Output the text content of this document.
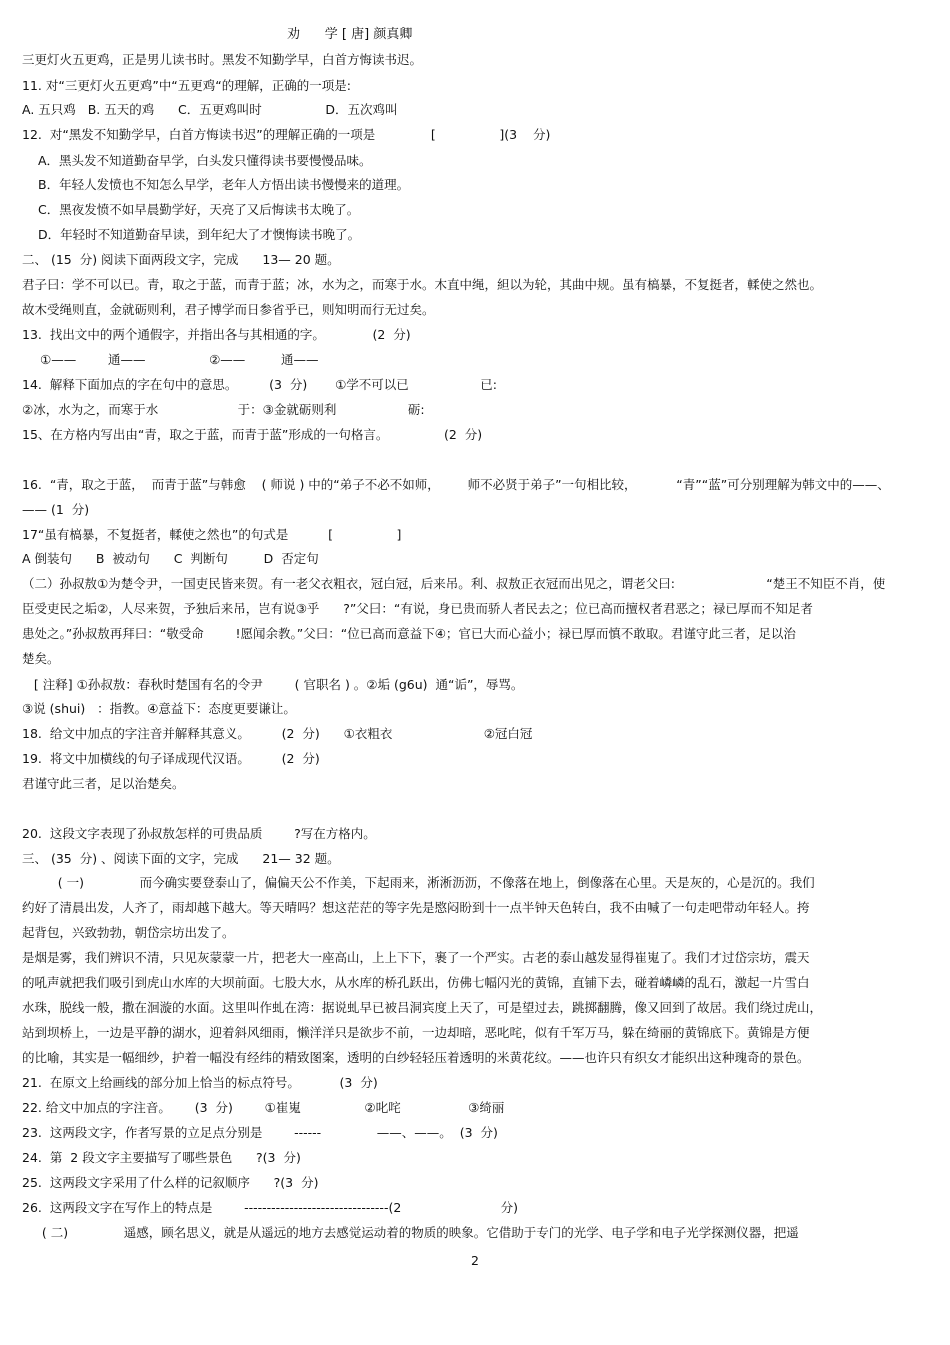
劝      学 [ 唐] 颜真卿
三更灯火五更鸡，正是男儿读书时。黑发不知勤学早，白首方悔读书迟。
11. 对“三更灯火五更鸡”中“五更鸡“的理解，正确的一项是:
A. 五只鸡   B. 五天的鸡      C．五更鸡叫时                D．五次鸡叫
12.  对“黑发不知勤学早，白首方悔读书迟”的理解正确的一项是              [                ](3    分)
A．黑头发不知道勤奋早学，白头发只懂得读书要慢慢品味。
B．年轻人发愤也不知怎么早学，老年人方悟出读书慢慢来的道理。
C．黑夜发愤不如早晨勤学好，天亮了又后悔读书太晚了。
D．年轻时不知道勤奋早读，到年纪大了才懊悔读书晚了。
二、 (15  分) 阅读下面两段文字，完成      13— 20 题。
君子曰：学不可以已。青，取之于蓝，而青于蓝；冰，水为之，而寒于水。木直中绳，䋎以为轮，其曲中规。虽有槁暴，不复挺者，輮使之然也。
故木受绳则直，金就砺则利，君子博学而日参省乎已，则知明而行无过矣。
13.  找出文中的两个通假字，并指出各与其相通的字。            (2  分)
①——        通——                ②——         通——
14.  解释下面加点的字在句中的意思。        (3  分)       ①学不可以已                  已:
②冰，水为之，而寒于水                    于：③金就砺则利                  砺:
15、在方格内写出由“青，取之于蓝，而青于蓝”形成的一句格言。              (2  分)
16.  “青，取之于蓝，  而青于蓝”与韩愈    ( 师说 ) 中的“弟子不必不如师，       师不必贤于弟子”一句相比较，          “青”“蓝”可分别理解为韩文中的——、
—— (1  分)
17“虽有槁暴，不复挺者，輮使之然也”的句式是          [                ]
A 倒装句      B  被动句      C  判断句         D  否定句
（二）孙叔敖①为楚令尹，一国吏民皆来贺。有一老父衣粗衣，冠白冠，后来吊。利、叔敖正衣冠而出见之，谓老父曰:                       “楚王不知臣不肖，使
臣受吏民之垢②，人尽来贺，予独后来吊，岂有说③乎      ?”父曰：“有说，身已贵而骄人者民去之；位已高而擅权者君恶之；禄已厚而不知足者
患处之。”孙叔敖再拜曰：“敬受命        !愿闻余教。”父曰：“位已高而意益下④；官已大而心益小；禄已厚而慎不敢取。君谨守此三者，足以治
楚矣。
[ 注释] ①孙叔敖：春秋时楚国有名的令尹        ( 官职名 ) 。②垢 (g6u)  通“诟”，辱骂。
③说 (shui)   ：指教。④意益下：态度更要谦让。
18.  给文中加点的字注音并解释其意义。        (2  分)      ①衣粗衣                       ②冠白冠
19.  将文中加横线的句子译成现代汉语。        (2  分)
君谨守此三者，足以治楚矣。
20.  这段文字表现了孙叔敖怎样的可贵品质        ?写在方格内。
三、 (35  分) 、阅读下面的文字，完成      21— 32 题。
( 一)              而今确实要登泰山了，偏偏天公不作美，下起雨来，淅淅沥沥，不像落在地上，倒像落在心里。天是灰的，心是沉的。我们
约好了清晨出发，人齐了，雨却越下越大。等天晴吗？想这茫茫的等字先是愍闷盼到十一点半钟天色转白，我不由喊了一句走吧带动年轻人。挎
起背包，兴致勃勃，朝岱宗坊出发了。
是烟是雾，我们辨识不清，只见灰蒙蒙一片，把老大一座高山，上上下下，裹了一个严实。古老的泰山越发显得崔嵬了。我们才过岱宗坊，震天
的吼声就把我们吸引到虎山水库的大坝前面。七股大水，从水库的桥孔跃出，仿佛七幅闪光的黄锦，直铺下去，碰着嶙嶙的乱石，激起一片雪白
水珠，脱线一般，撒在洄漩的水面。这里叫作虬在湾：据说虬早已被吕洞宾度上天了，可是望过去，跳掷翻腾，像又回到了故居。我们绕过虎山，
站到坝桥上，一边是平静的湖水，迎着斜风细雨，懒洋洋只是欲步不前，一边却暗，恶叱咤，似有千军万马，躲在绮丽的黄锦底下。黄锦是方便
的比喻，其实是一幅细纱，护着一幅没有经纬的精致图案，透明的白纱轻轻压着透明的米黄花纹。——也许只有织女才能织出这种瑰奇的景色。
21.  在原文上给画线的部分加上恰当的标点符号。          (3  分)
22. 给文中加点的字注音。      (3  分)        ①崔嵬                ②叱咤                 ③绮丽
23.  这两段文字，作者写景的立足点分别是        ------              ——、——。  (3  分)
24.  第  2 段文字主要描写了哪些景色      ?(3  分)
25.  这两段文字采用了什么样的记叙顺序      ?(3  分)
26.  这两段文字在写作上的特点是        --------------------------------(2                         分)
( 二)              遥感，顾名思义，就是从遥远的地方去感觉运动着的物质的映象。它借助于专门的光学、电子学和电子光学探测仪器，把遥
2
